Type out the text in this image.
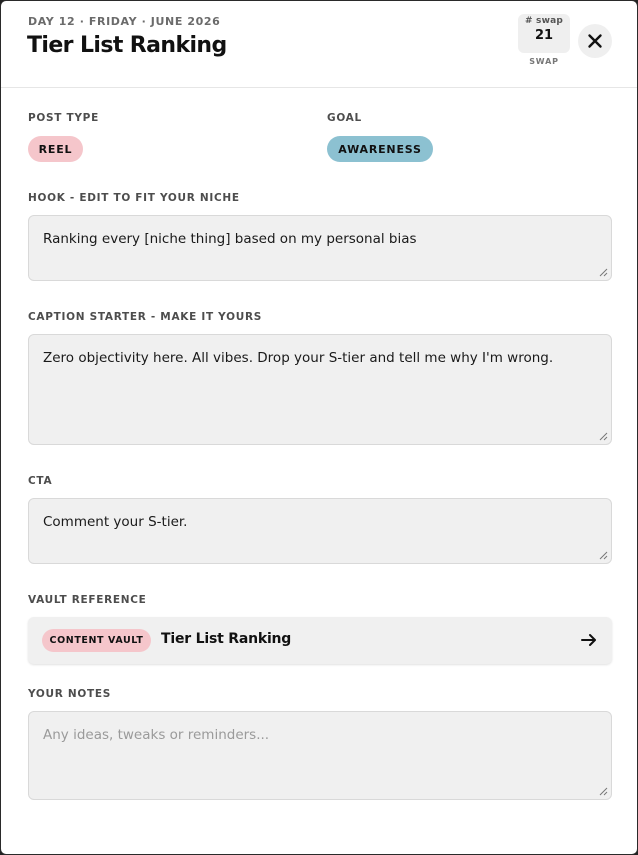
DAY 12 · FRIDAY · JUNE 2026
Tier List Ranking
# swap
21
SWAP
POST TYPE
REEL
GOAL
AWARENESS
HOOK - EDIT TO FIT YOUR NICHE
Ranking every [niche thing] based on my personal bias
CAPTION STARTER - MAKE IT YOURS
Zero objectivity here. All vibes. Drop your S-tier and tell me why I'm wrong.
CTA
Comment your S-tier.
VAULT REFERENCE
CONTENT VAULT	Tier List Ranking
YOUR NOTES
Any ideas, tweaks or reminders...
